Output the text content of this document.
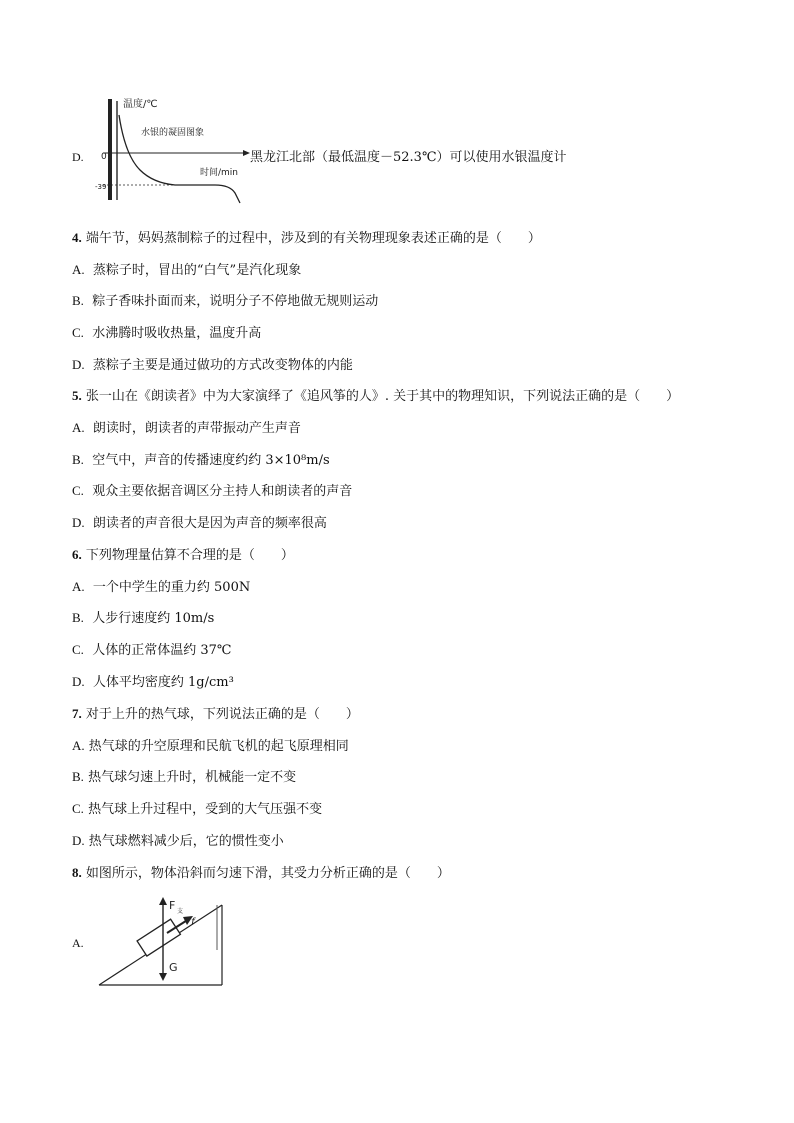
D.
温度/℃
水银的凝固图象
时间/min
0
-39
黑龙江北部（最低温度－52.3℃）可以使用水银温度计
4. 端午节，妈妈蒸制粽子的过程中，涉及到的有关物理现象表述正确的是（　　）
A. 蒸粽子时，冒出的“白气”是汽化现象
B. 粽子香味扑面而来，说明分子不停地做无规则运动
C. 水沸腾时吸收热量，温度升高
D. 蒸粽子主要是通过做功的方式改变物体的内能
5. 张一山在《朗读者》中为大家演绎了《追风筝的人》. 关于其中的物理知识，下列说法正确的是（　　）
A. 朗读时，朗读者的声带振动产生声音
B. 空气中，声音的传播速度约约 3×10⁸m/s
C. 观众主要依据音调区分主持人和朗读者的声音
D. 朗读者的声音很大是因为声音的频率很高
6. 下列物理量估算不合理的是（　　）
A. 一个中学生的重力约 500N
B. 人步行速度约 10m/s
C. 人体的正常体温约 37℃
D. 人体平均密度约 1g/cm³
7. 对于上升的热气球，下列说法正确的是（　　）
A. 热气球的升空原理和民航飞机的起飞原理相同
B. 热气球匀速上升时，机械能一定不变
C. 热气球上升过程中，受到的大气压强不变
D. 热气球燃料减少后，它的惯性变小
8. 如图所示，物体沿斜而匀速下滑，其受力分析正确的是（　　）
A.
F 支
f
G
